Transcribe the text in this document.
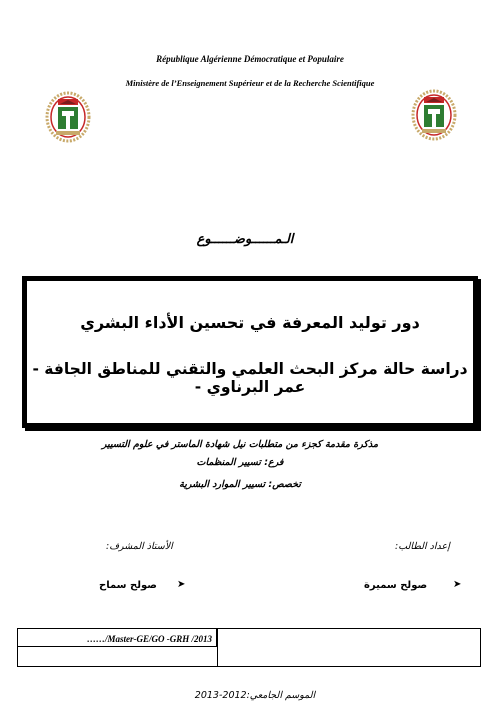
République Algérienne Démocratique et Populaire
Ministère de l’Enseignement Supérieur et de la Recherche Scientifique
الـمــــــوضــــــوع
دور توليد المعرفة في تحسين الأداء البشري
دراسة حالة مركز البحث العلمي والتقني للمناطق الجافة - عمر البرناوي -
مذكرة مقدمة كجزء من متطلبات نيل شهادة الماستر في علوم التسيير
فرع: تسيير المنظمات
تخصص: تسيير الموارد البشرية
إعداد الطالب:
الأستاذ المشرف:
➤
صولح سميرة
➤
صولح سماح
……/Master-GE/GO -GRH /2013
الموسم الجامعي:2012-2013
